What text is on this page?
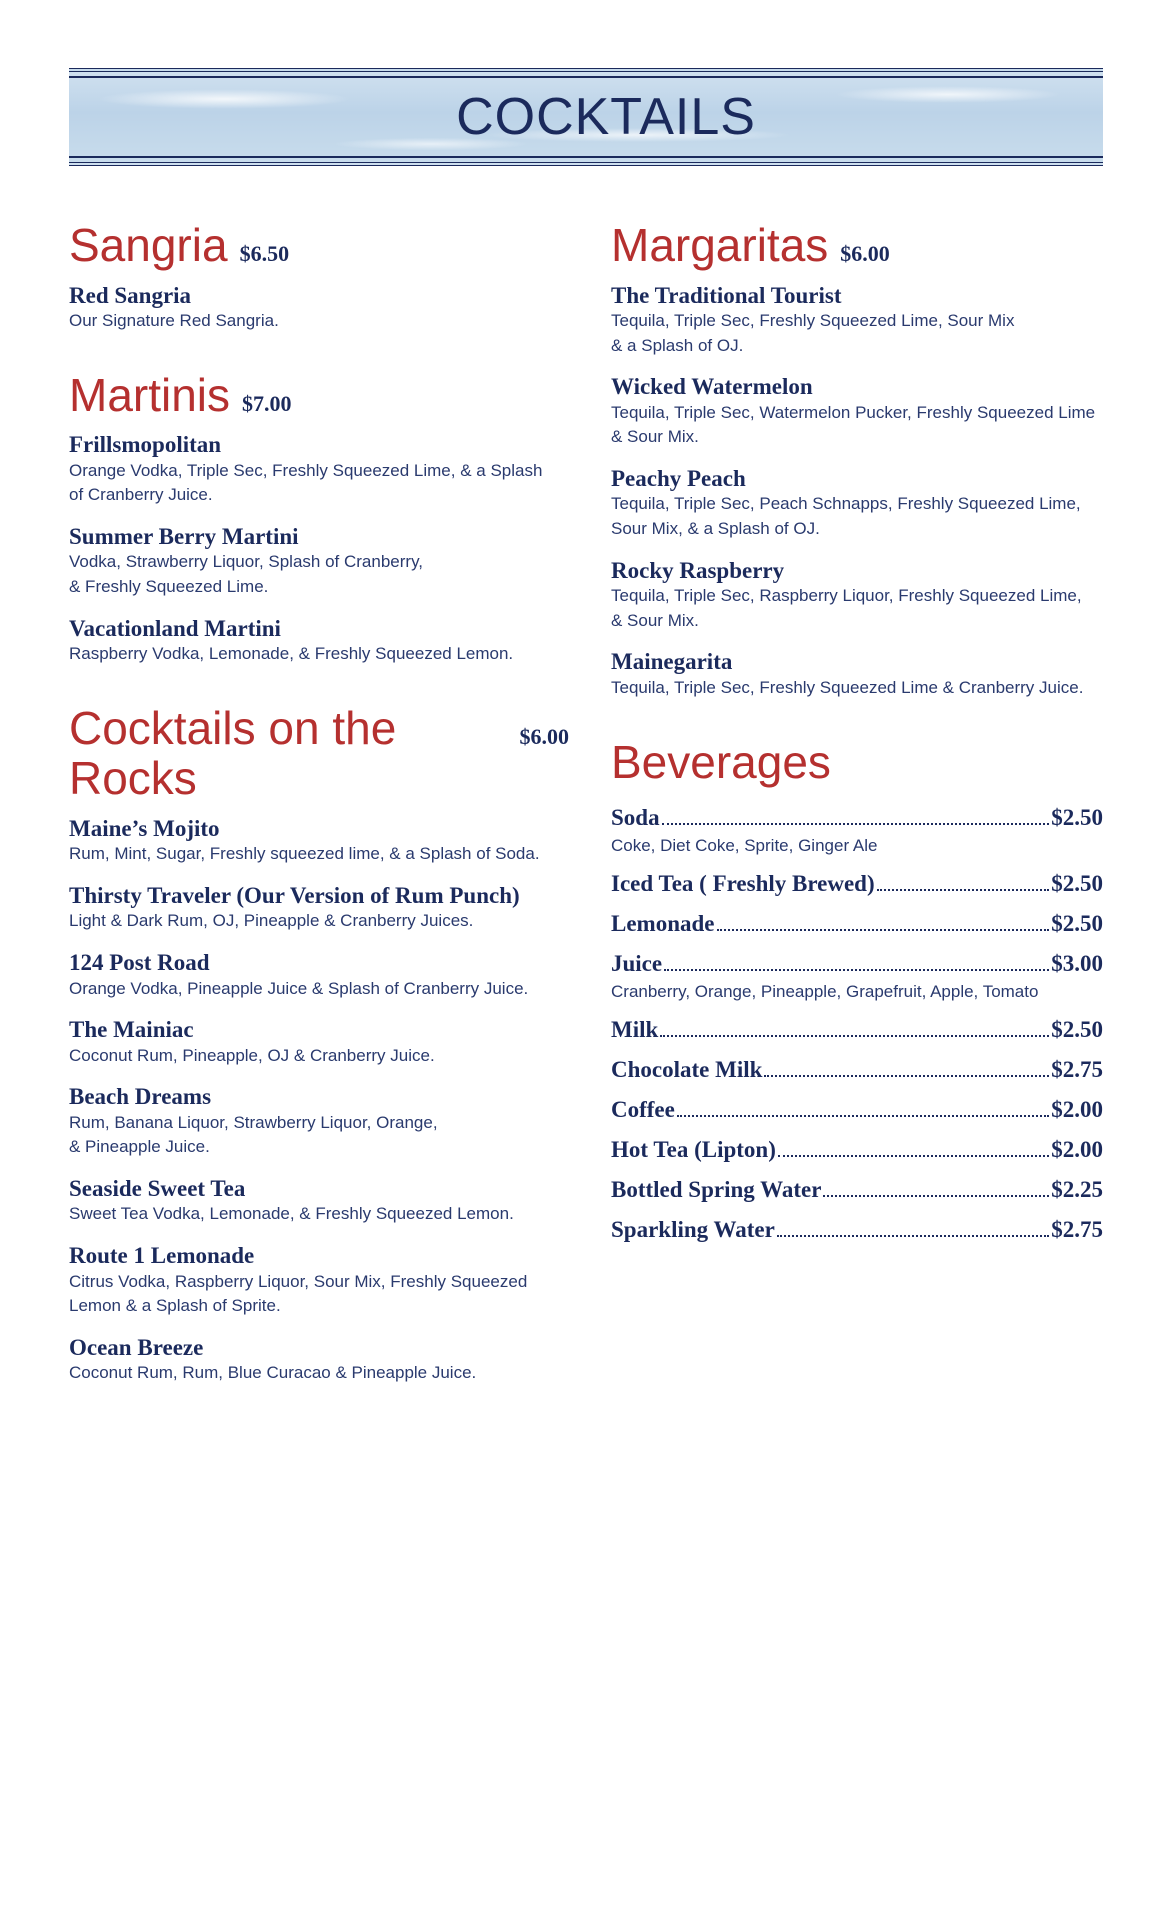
COCKTAILS
Sangria $6.50
Red Sangria
Our Signature Red Sangria.
Martinis $7.00
Frillsmopolitan
Orange Vodka, Triple Sec, Freshly Squeezed Lime, & a Splash
of Cranberry Juice.
Summer Berry Martini
Vodka, Strawberry Liquor, Splash of Cranberry,
& Freshly Squeezed Lime.
Vacationland Martini
Raspberry Vodka, Lemonade, & Freshly Squeezed Lemon.
Cocktails on the Rocks
$6.00
Maine’s Mojito
Rum, Mint, Sugar, Freshly squeezed lime, & a Splash of Soda.
Thirsty Traveler (Our Version of Rum Punch)
Light & Dark Rum, OJ, Pineapple & Cranberry Juices.
124 Post Road
Orange Vodka, Pineapple Juice & Splash of Cranberry Juice.
The Mainiac
Coconut Rum, Pineapple, OJ & Cranberry Juice.
Beach Dreams
Rum, Banana Liquor, Strawberry Liquor, Orange,
& Pineapple Juice.
Seaside Sweet Tea
Sweet Tea Vodka, Lemonade, & Freshly Squeezed Lemon.
Route 1 Lemonade
Citrus Vodka, Raspberry Liquor, Sour Mix, Freshly Squeezed
Lemon & a Splash of Sprite.
Ocean Breeze
Coconut Rum, Rum, Blue Curacao & Pineapple Juice.
Margaritas $6.00
The Traditional Tourist
Tequila, Triple Sec, Freshly Squeezed Lime, Sour Mix
& a Splash of OJ.
Wicked Watermelon
Tequila, Triple Sec, Watermelon Pucker, Freshly Squeezed Lime
& Sour Mix.
Peachy Peach
Tequila, Triple Sec, Peach Schnapps, Freshly Squeezed Lime,
Sour Mix, & a Splash of OJ.
Rocky Raspberry
Tequila, Triple Sec, Raspberry Liquor, Freshly Squeezed Lime,
& Sour Mix.
Mainegarita
Tequila, Triple Sec, Freshly Squeezed Lime & Cranberry Juice.
Beverages
Soda	$2.50
Coke, Diet Coke, Sprite, Ginger Ale
Iced Tea ( Freshly Brewed)	$2.50
Lemonade	$2.50
Juice	$3.00
Cranberry, Orange, Pineapple, Grapefruit, Apple, Tomato
Milk	$2.50
Chocolate Milk	$2.75
Coffee	$2.00
Hot Tea (Lipton)	$2.00
Bottled Spring Water	$2.25
Sparkling Water	$2.75
